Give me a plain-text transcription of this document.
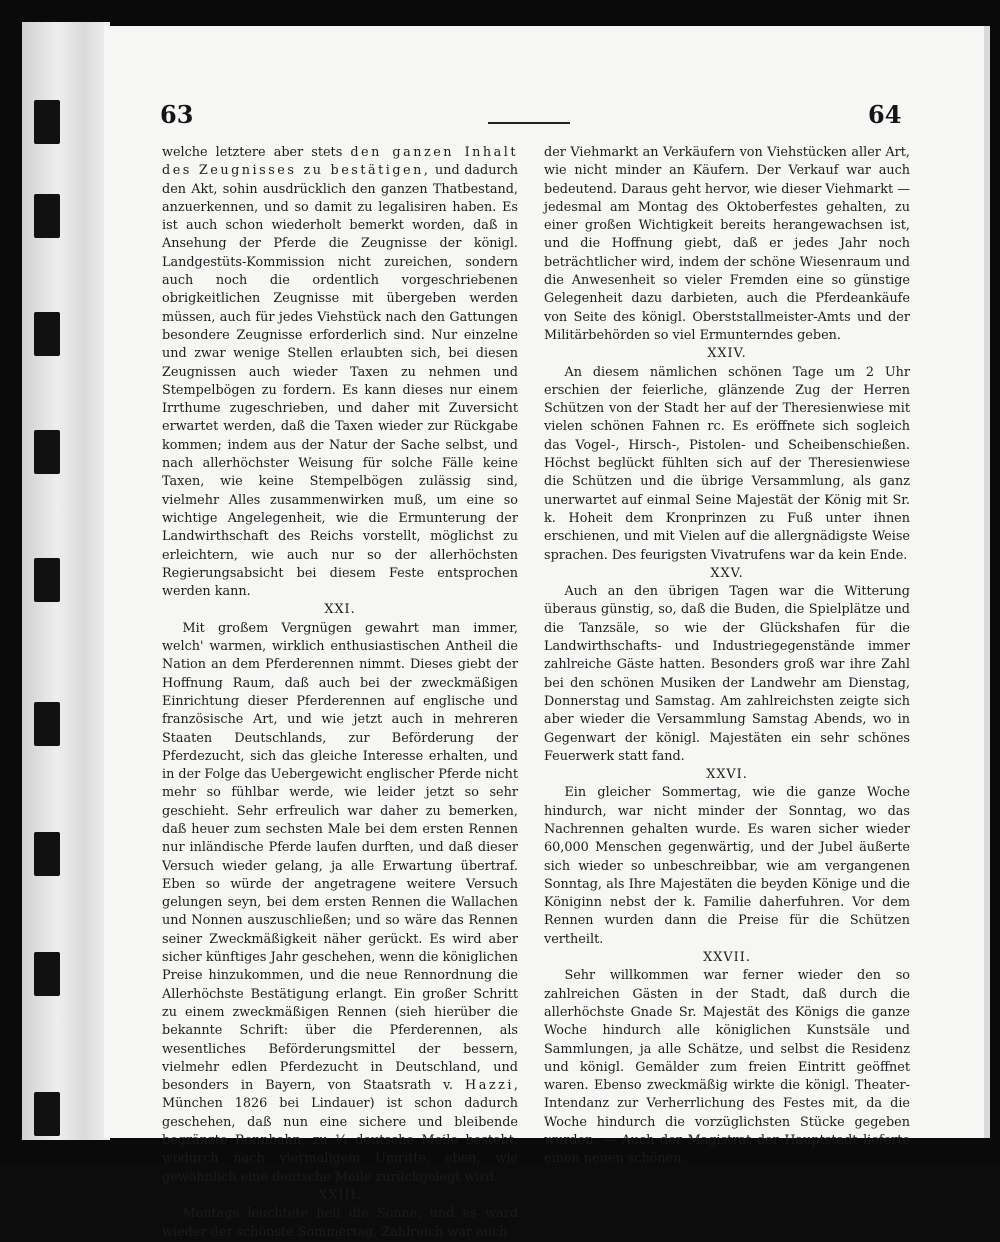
63	64

welche letztere aber stets den ganzen Inhalt des Zeugnisses zu bestätigen, und dadurch den Akt, sohin ausdrücklich den ganzen Thatbestand, anzuerkennen, und so damit zu legalisiren haben. Es ist auch schon wiederholt bemerkt worden, daß in Ansehung der Pferde die Zeugnisse der königl. Landgestüts-Kommission nicht zureichen, sondern auch noch die ordentlich vorgeschriebenen obrigkeitlichen Zeugnisse mit übergeben werden müssen, auch für jedes Viehstück nach den Gattungen besondere Zeugnisse erforderlich sind. Nur einzelne und zwar wenige Stellen erlaubten sich, bei diesen Zeugnissen auch wieder Taxen zu nehmen und Stempelbögen zu fordern. Es kann dieses nur einem Irrthume zugeschrieben, und daher mit Zuversicht erwartet werden, daß die Taxen wieder zur Rückgabe kommen; indem aus der Natur der Sache selbst, und nach allerhöchster Weisung für solche Fälle keine Taxen, wie keine Stempelbögen zulässig sind, vielmehr Alles zusammenwirken muß, um eine so wichtige Angelegenheit, wie die Ermunterung der Landwirthschaft des Reichs vorstellt, möglichst zu erleichtern, wie auch nur so der allerhöchsten Regierungsabsicht bei diesem Feste entsprochen werden kann.

XXI.

Mit großem Vergnügen gewahrt man immer, welch' warmen, wirklich enthusiastischen Antheil die Nation an dem Pferderennen nimmt. Dieses giebt der Hoffnung Raum, daß auch bei der zweckmäßigen Einrichtung dieser Pferderennen auf englische und französische Art, und wie jetzt auch in mehreren Staaten Deutschlands, zur Beförderung der Pferdezucht, sich das gleiche Interesse erhalten, und in der Folge das Uebergewicht englischer Pferde nicht mehr so fühlbar werde, wie leider jetzt so sehr geschieht. Sehr erfreulich war daher zu bemerken, daß heuer zum sechsten Male bei dem ersten Rennen nur inländische Pferde laufen durften, und daß dieser Versuch wieder gelang, ja alle Erwartung übertraf. Eben so würde der angetragene weitere Versuch gelungen seyn, bei dem ersten Rennen die Wallachen und Nonnen auszuschließen; und so wäre das Rennen seiner Zweckmäßigkeit näher gerückt. Es wird aber sicher künftiges Jahr geschehen, wenn die königlichen Preise hinzukommen, und die neue Rennordnung die Allerhöchste Bestätigung erlangt. Ein großer Schritt zu einem zweckmäßigen Rennen (sieh hierüber die bekannte Schrift: über die Pferderennen, als wesentliches Beförderungsmittel der bessern, vielmehr edlen Pferdezucht in Deutschland, und besonders in Bayern, von Staatsrath v. Hazzi, München 1826 bei Lindauer) ist schon dadurch geschehen, daß nun eine sichere und bleibende begränzte Rennbahn, zu ¼ deutsche Meile besteht, wodurch nach viermaligem Umritte, eben, wie gewöhnlich eine deutsche Meile zurückgelegt wird.

XXIII.

Montags leuchtete hell die Sonne, und es ward wieder der schönste Sommertag. Zahlreich war auch

der Viehmarkt an Verkäufern von Viehstücken aller Art, wie nicht minder an Käufern. Der Verkauf war auch bedeutend. Daraus geht hervor, wie dieser Viehmarkt — jedesmal am Montag des Oktoberfestes gehalten, zu einer großen Wichtigkeit bereits herangewachsen ist, und die Hoffnung giebt, daß er jedes Jahr noch beträchtlicher wird, indem der schöne Wiesenraum und die Anwesenheit so vieler Fremden eine so günstige Gelegenheit dazu darbieten, auch die Pferdeankäufe von Seite des königl. Oberststallmeister-Amts und der Militärbehörden so viel Ermunterndes geben.

XXIV.

An diesem nämlichen schönen Tage um 2 Uhr erschien der feierliche, glänzende Zug der Herren Schützen von der Stadt her auf der Theresienwiese mit vielen schönen Fahnen rc. Es eröffnete sich sogleich das Vogel-, Hirsch-, Pistolen- und Scheibenschießen. Höchst beglückt fühlten sich auf der Theresienwiese die Schützen und die übrige Versammlung, als ganz unerwartet auf einmal Seine Majestät der König mit Sr. k. Hoheit dem Kronprinzen zu Fuß unter ihnen erschienen, und mit Vielen auf die allergnädigste Weise sprachen. Des feurigsten Vivatrufens war da kein Ende.

XXV.

Auch an den übrigen Tagen war die Witterung überaus günstig, so, daß die Buden, die Spielplätze und die Tanzsäle, so wie der Glückshafen für die Landwirthschafts- und Industriegegenstände immer zahlreiche Gäste hatten. Besonders groß war ihre Zahl bei den schönen Musiken der Landwehr am Dienstag, Donnerstag und Samstag. Am zahlreichsten zeigte sich aber wieder die Versammlung Samstag Abends, wo in Gegenwart der königl. Majestäten ein sehr schönes Feuerwerk statt fand.

XXVI.

Ein gleicher Sommertag, wie die ganze Woche hindurch, war nicht minder der Sonntag, wo das Nachrennen gehalten wurde. Es waren sicher wieder 60,000 Menschen gegenwärtig, und der Jubel äußerte sich wieder so unbeschreibbar, wie am vergangenen Sonntag, als Ihre Majestäten die beyden Könige und die Königinn nebst der k. Familie daherfuhren. Vor dem Rennen wurden dann die Preise für die Schützen vertheilt.

XXVII.

Sehr willkommen war ferner wieder den so zahlreichen Gästen in der Stadt, daß durch die allerhöchste Gnade Sr. Majestät des Königs die ganze Woche hindurch alle königlichen Kunstsäle und Sammlungen, ja alle Schätze, und selbst die Residenz und königl. Gemälder zum freien Eintritt geöffnet waren. Ebenso zweckmäßig wirkte die königl. Theater-Intendanz zur Verherrlichung des Festes mit, da die Woche hindurch die vorzüglichsten Stücke gegeben wurden. — Auch der Magistrat der Hauptstadt lieferte einen neuen schönen
